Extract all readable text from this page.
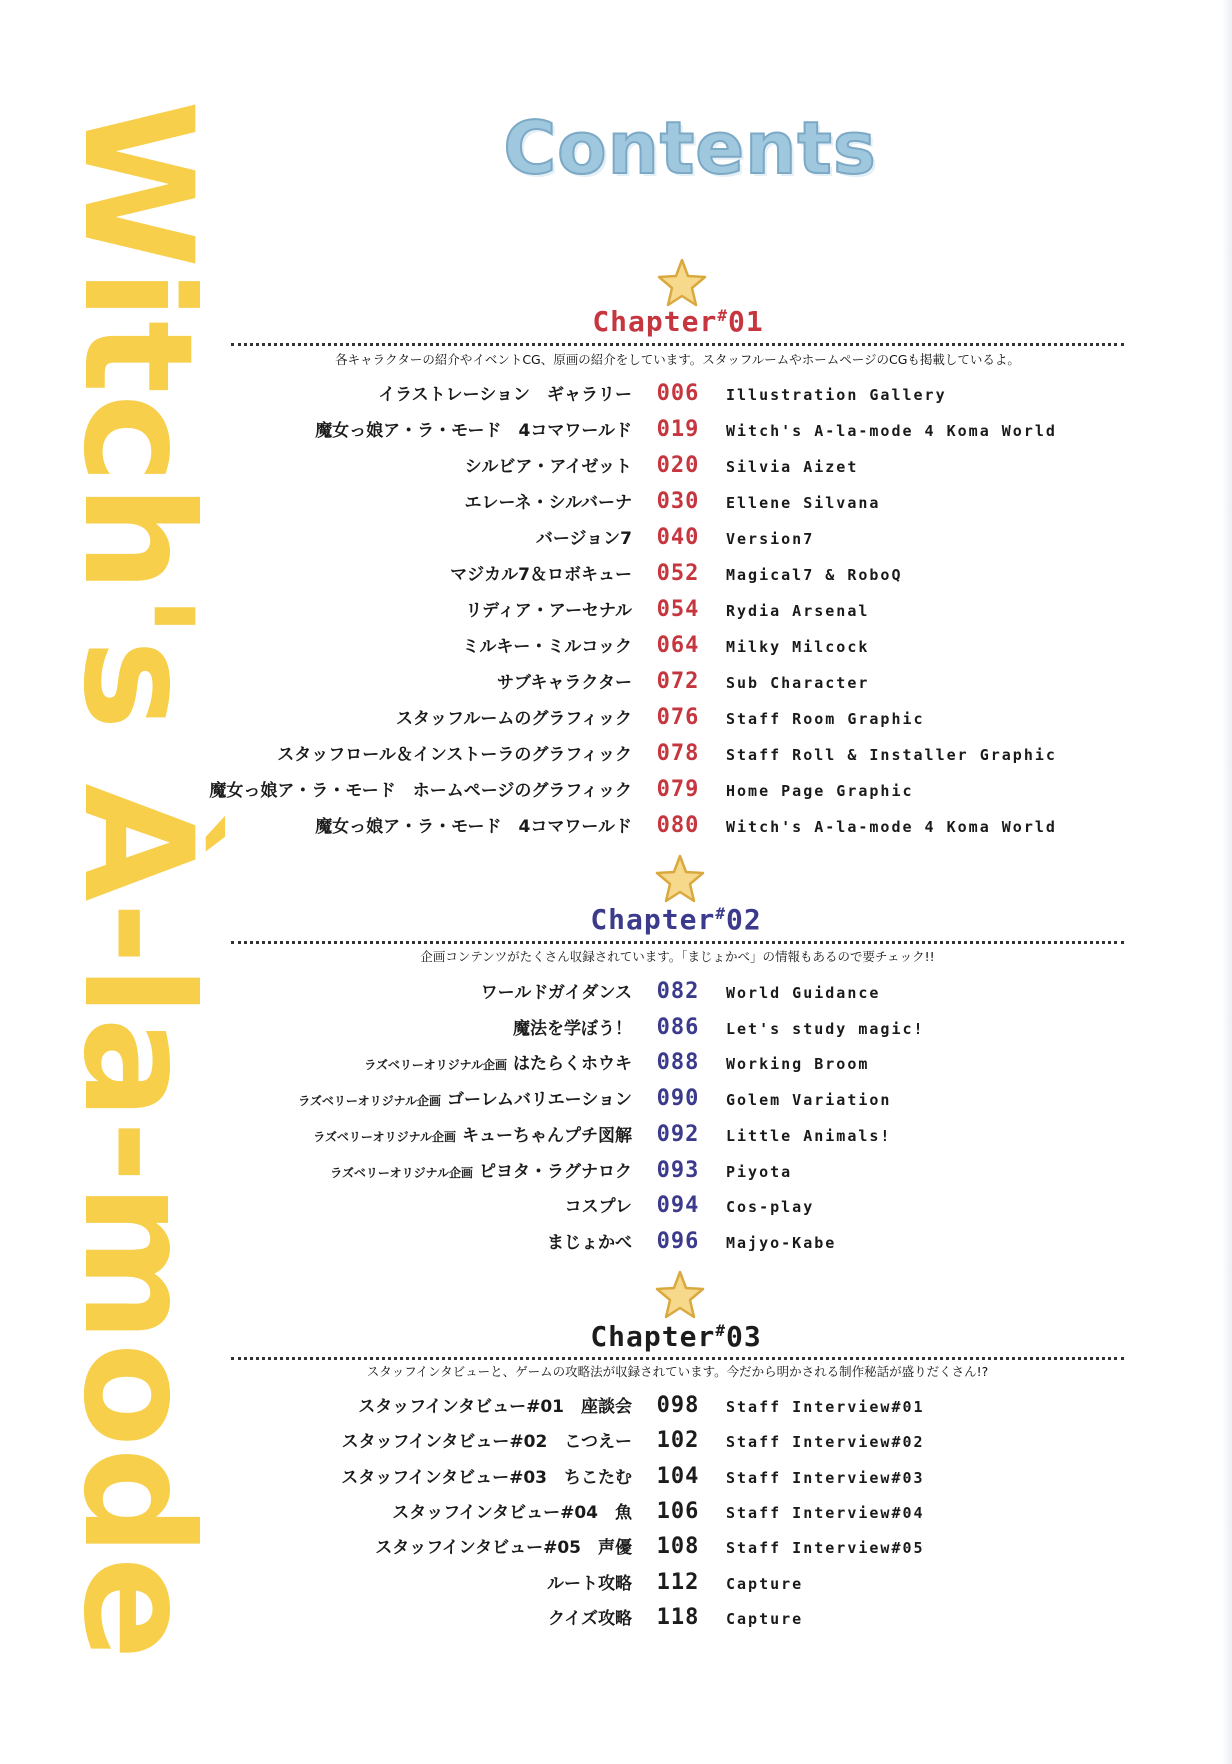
Witch's À-la-mode	Contents
Chapter#01
各キャラクターの紹介やイベントCG、原画の紹介をしています。スタッフルームやホームページのCGも掲載しているよ。
イラストレーション　ギャラリー	006	Illustration Gallery
魔女っ娘ア・ラ・モード　4コマワールド	019	Witch's A-la-mode 4 Koma World
シルビア・アイゼット	020	Silvia Aizet
エレーネ・シルバーナ	030	Ellene Silvana
バージョン7	040	Version7
マジカル7＆ロボキュー	052	Magical7 & RoboQ
リディア・アーセナル	054	Rydia Arsenal
ミルキー・ミルコック	064	Milky Milcock
サブキャラクター	072	Sub Character
スタッフルームのグラフィック	076	Staff Room Graphic
スタッフロール＆インストーラのグラフィック	078	Staff Roll & Installer Graphic
魔女っ娘ア・ラ・モード　ホームページのグラフィック	079	Home Page Graphic
魔女っ娘ア・ラ・モード　4コマワールド	080	Witch's A-la-mode 4 Koma World
Chapter#02
企画コンテンツがたくさん収録されています。「まじょかべ」の情報もあるので要チェック!!
ワールドガイダンス	082	World Guidance
魔法を学ぼう！	086	Let's study magic!
ラズベリーオリジナル企画 はたらくホウキ	088	Working Broom
ラズベリーオリジナル企画 ゴーレムバリエーション	090	Golem Variation
ラズベリーオリジナル企画 キューちゃんプチ図解	092	Little Animals!
ラズベリーオリジナル企画 ピヨタ・ラグナロク	093	Piyota
コスプレ	094	Cos-play
まじょかべ	096	Majyo-Kabe
Chapter#03
スタッフインタビューと、ゲームの攻略法が収録されています。今だから明かされる制作秘話が盛りだくさん!?
スタッフインタビュー#01　座談会	098	Staff Interview#01
スタッフインタビュー#02　こつえー	102	Staff Interview#02
スタッフインタビュー#03　ちこたむ	104	Staff Interview#03
スタッフインタビュー#04　魚	106	Staff Interview#04
スタッフインタビュー#05　声優	108	Staff Interview#05
ルート攻略	112	Capture
クイズ攻略	118	Capture
